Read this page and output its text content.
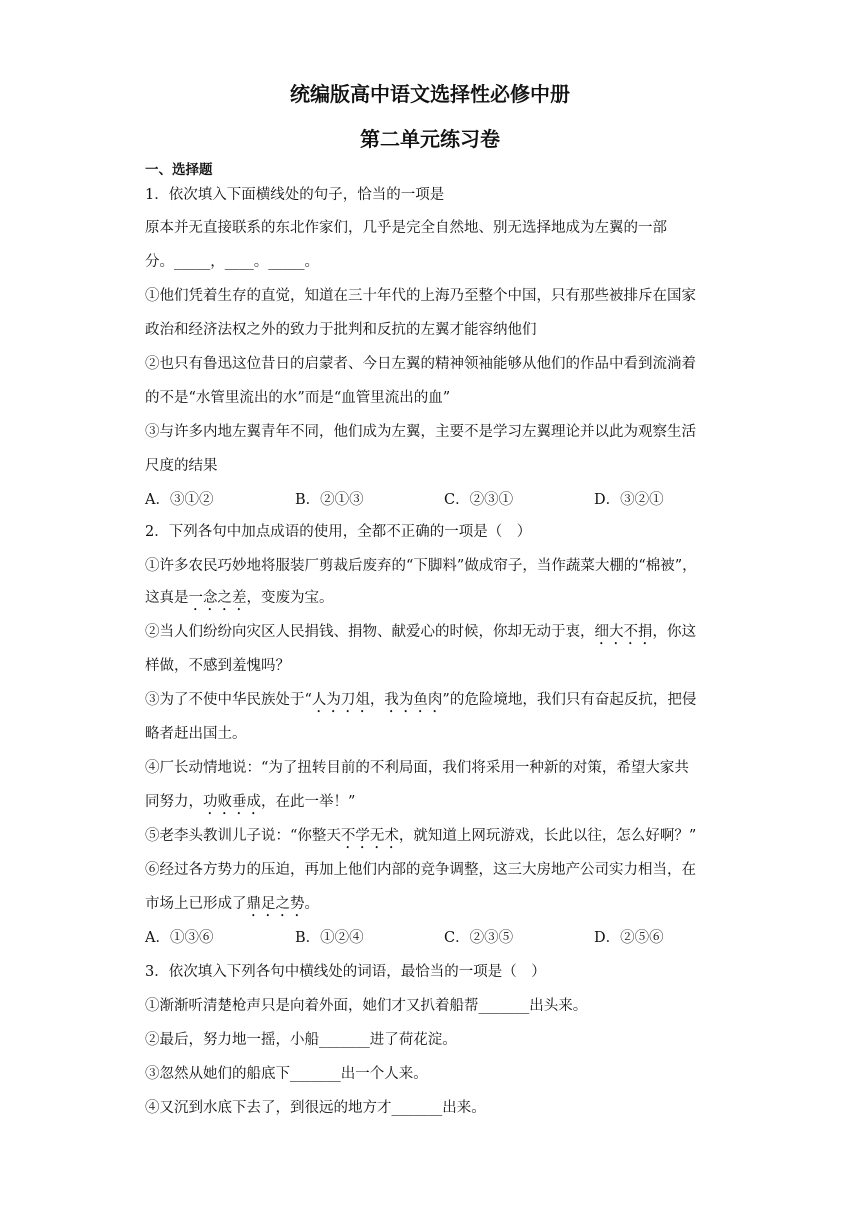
统编版高中语文选择性必修中册
第二单元练习卷
一、选择题
1．依次填入下面横线处的句子，恰当的一项是
原本并无直接联系的东北作家们，几乎是完全自然地、别无选择地成为左翼的一部
分。_____，____。_____。
①他们凭着生存的直觉，知道在三十年代的上海乃至整个中国，只有那些被排斥在国家
政治和经济法权之外的致力于批判和反抗的左翼才能容纳他们
②也只有鲁迅这位昔日的启蒙者、今日左翼的精神领袖能够从他们的作品中看到流淌着
的不是“水管里流出的水”而是“血管里流出的血”
③与许多内地左翼青年不同，他们成为左翼，主要不是学习左翼理论并以此为观察生活
尺度的结果
A．③①②	B．②①③	C．②③①	D．③②①
2．下列各句中加点成语的使用，全都不正确的一项是（　）
①许多农民巧妙地将服装厂剪裁后废弃的“下脚料”做成帘子，当作蔬菜大棚的“棉被”，
这真是一念之差，变废为宝。
②当人们纷纷向灾区人民捐钱、捐物、献爱心的时候，你却无动于衷，细大不捐，你这
样做，不感到羞愧吗？
③为了不使中华民族处于“人为刀俎，我为鱼肉”的危险境地，我们只有奋起反抗，把侵
略者赶出国土。
④厂长动情地说：“为了扭转目前的不利局面，我们将采用一种新的对策，希望大家共
同努力，功败垂成，在此一举！”
⑤老李头教训儿子说：“你整天不学无术，就知道上网玩游戏，长此以往，怎么好啊？”
⑥经过各方势力的压迫，再加上他们内部的竞争调整，这三大房地产公司实力相当，在
市场上已形成了鼎足之势。
A．①③⑥	B．①②④	C．②③⑤	D．②⑤⑥
3．依次填入下列各句中横线处的词语，最恰当的一项是（　）
①渐渐听清楚枪声只是向着外面，她们才又扒着船帮_______出头来。
②最后，努力地一摇，小船_______进了荷花淀。
③忽然从她们的船底下_______出一个人来。
④又沉到水底下去了，到很远的地方才_______出来。
